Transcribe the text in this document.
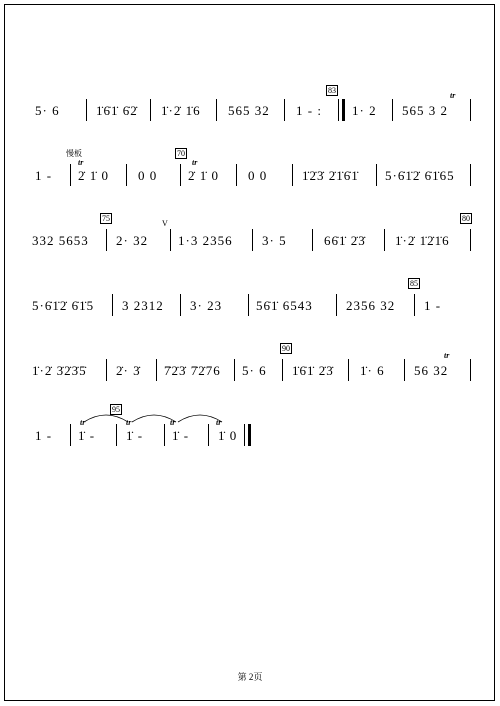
5· 6	1̇6̇1̇ 6̇2̇ 1̇·2̇ 1̇6 565 32 1 - :
83
1· 2 565 3 2
tr
慢板
tr
1 - 2̇ 1̇ 0 0 0
70
tr
2̇ 1̇ 0 0 0	1̇2̇3̇ 2̇1̇6̇1̇ 5·6̇1̇2̇ 6̇1̇65
332 5653
75
2· 32
V
1·3 2356 3· 5	66̇1̇ 2̇3̇ 1̇·2̇ 1̇2̇1̇6
80
5·6̇1̇2̇ 6̇1̇5 3 2312 3· 23	56̇1̇ 6543	2356 32
85
1 -
1̇·2̇ 3̇2̇3̇5̇ 2̇· 3̇ 7̇2̇3̇ 7̇2̇76 5· 6
90
1̇6̇1̇ 2̇3̇ 1̇· 6 56 32
tr
1 -
tr
95
1̇ -
tr
1̇ -
tr
1̇ -
tr
1̇ 0
第 2页
